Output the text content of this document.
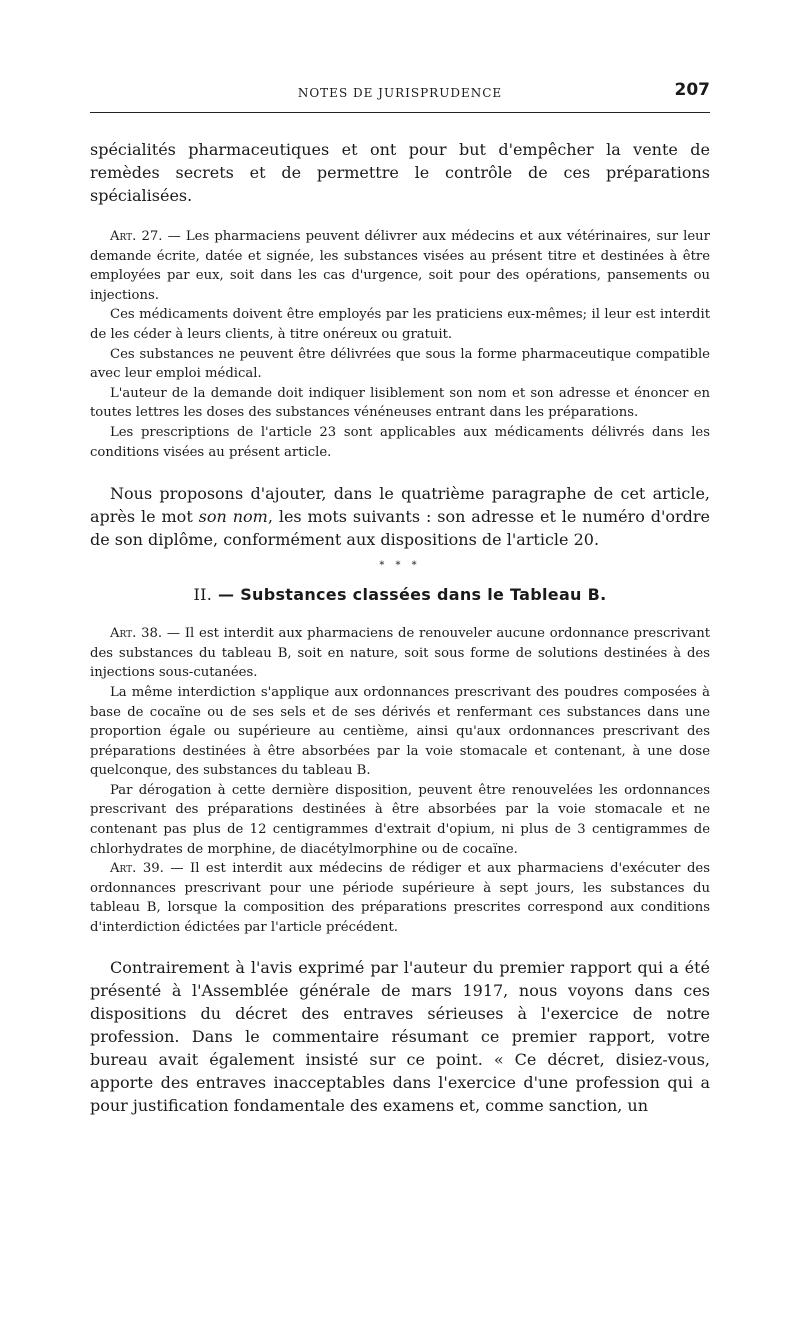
NOTES DE JURISPRUDENCE	207

spécialités pharmaceutiques et ont pour but d'empêcher la vente de remèdes secrets et de permettre le contrôle de ces préparations spécialisées.

Art. 27. — Les pharmaciens peuvent délivrer aux médecins et aux vétérinaires, sur leur demande écrite, datée et signée, les substances visées au présent titre et destinées à être employées par eux, soit dans les cas d'urgence, soit pour des opérations, pansements ou injections.

Ces médicaments doivent être employés par les praticiens eux-mêmes; il leur est interdit de les céder à leurs clients, à titre onéreux ou gratuit.

Ces substances ne peuvent être délivrées que sous la forme pharmaceutique compatible avec leur emploi médical.

L'auteur de la demande doit indiquer lisiblement son nom et son adresse et énoncer en toutes lettres les doses des substances vénéneuses entrant dans les préparations.

Les prescriptions de l'article 23 sont applicables aux médicaments délivrés dans les conditions visées au présent article.

Nous proposons d'ajouter, dans le quatrième paragraphe de cet article, après le mot son nom, les mots suivants : son adresse et le numéro d'ordre de son diplôme, conformément aux dispositions de l'article 20.

* * *
II. — Substances classées dans le Tableau B.

Art. 38. — Il est interdit aux pharmaciens de renouveler aucune ordonnance prescrivant des substances du tableau B, soit en nature, soit sous forme de solutions destinées à des injections sous-cutanées.

La même interdiction s'applique aux ordonnances prescrivant des poudres composées à base de cocaïne ou de ses sels et de ses dérivés et renfermant ces substances dans une proportion égale ou supérieure au centième, ainsi qu'aux ordonnances prescrivant des préparations destinées à être absorbées par la voie stomacale et contenant, à une dose quelconque, des substances du tableau B.

Par dérogation à cette dernière disposition, peuvent être renouvelées les ordonnances prescrivant des préparations destinées à être absorbées par la voie stomacale et ne contenant pas plus de 12 centigrammes d'extrait d'opium, ni plus de 3 centigrammes de chlorhydrates de morphine, de diacétylmorphine ou de cocaïne.

Art. 39. — Il est interdit aux médecins de rédiger et aux pharmaciens d'exécuter des ordonnances prescrivant pour une période supérieure à sept jours, les substances du tableau B, lorsque la composition des préparations prescrites correspond aux conditions d'interdiction édictées par l'article précédent.

Contrairement à l'avis exprimé par l'auteur du premier rapport qui a été présenté à l'Assemblée générale de mars 1917, nous voyons dans ces dispositions du décret des entraves sérieuses à l'exercice de notre profession. Dans le commentaire résumant ce premier rapport, votre bureau avait également insisté sur ce point. « Ce décret, disiez-vous, apporte des entraves inacceptables dans l'exercice d'une profession qui a pour justification fondamentale des examens et, comme sanction, un
